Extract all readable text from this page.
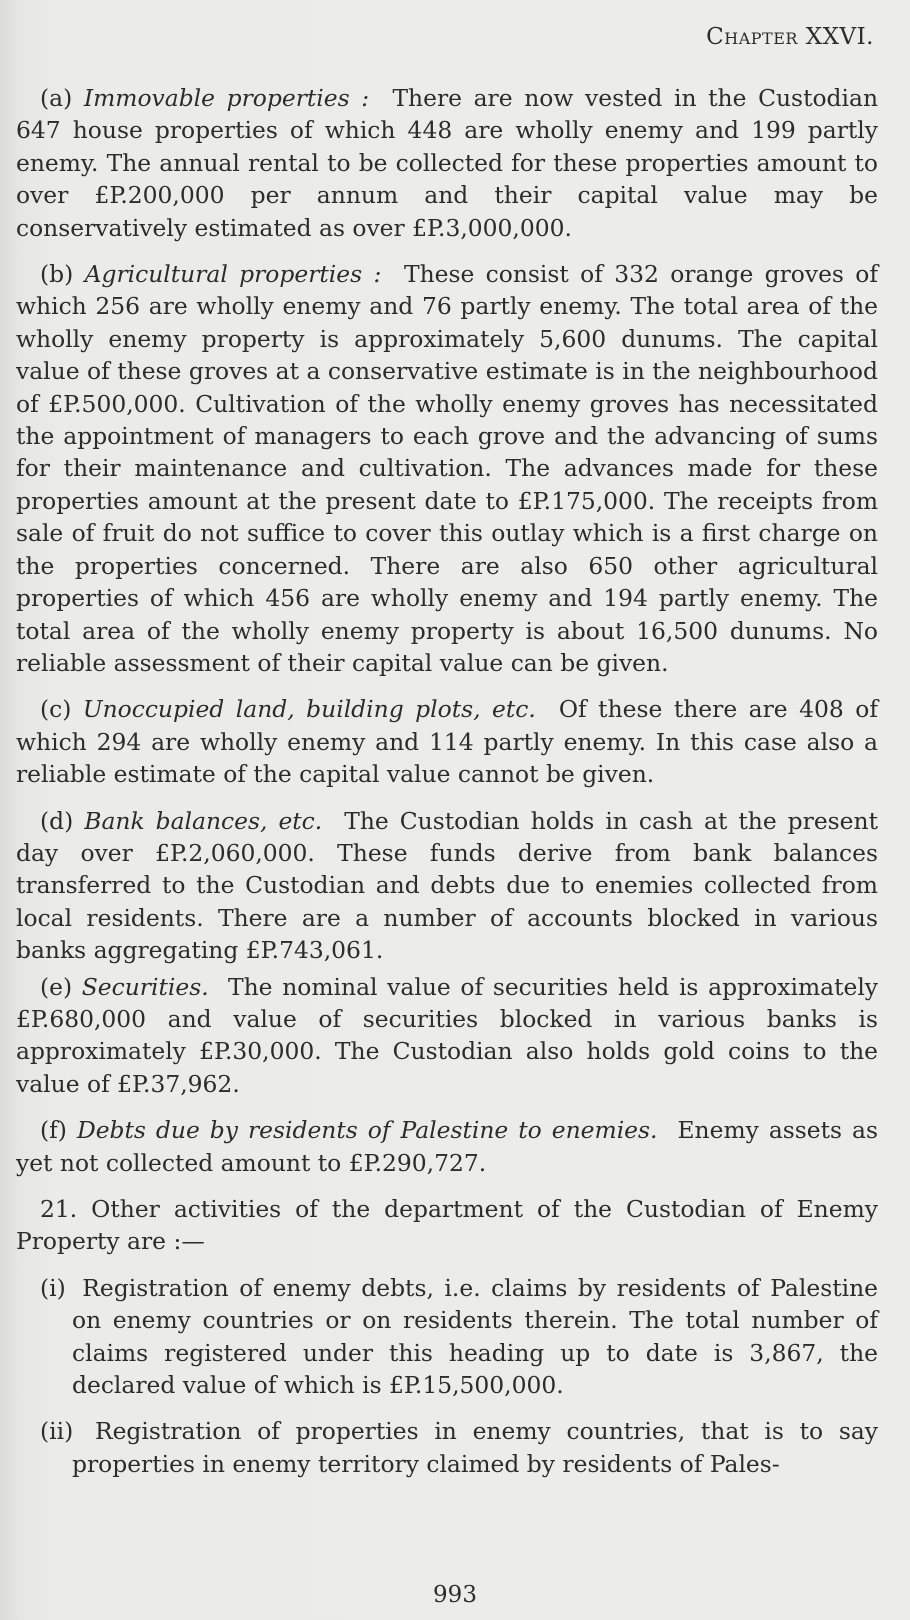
Chapter XXVI.

(a) Immovable properties : There are now vested in the Custodian 647 house properties of which 448 are wholly enemy and 199 partly enemy. The annual rental to be collected for these properties amount to over £P.200,000 per annum and their capital value may be conservatively estimated as over £P.3,000,000.

(b) Agricultural properties : These consist of 332 orange groves of which 256 are wholly enemy and 76 partly enemy. The total area of the wholly enemy property is approximately 5,600 dunums. The capital value of these groves at a conservative estimate is in the neighbourhood of £P.500,000. Cultivation of the wholly enemy groves has necessitated the appointment of managers to each grove and the advancing of sums for their maintenance and cultivation. The advances made for these properties amount at the present date to £P.175,000. The receipts from sale of fruit do not suffice to cover this outlay which is a first charge on the properties concerned. There are also 650 other agricultural properties of which 456 are wholly enemy and 194 partly enemy. The total area of the wholly enemy property is about 16,500 dunums. No reliable assessment of their capital value can be given.

(c) Unoccupied land, building plots, etc. Of these there are 408 of which 294 are wholly enemy and 114 partly enemy. In this case also a reliable estimate of the capital value cannot be given.

(d) Bank balances, etc. The Custodian holds in cash at the present day over £P.2,060,000. These funds derive from bank balances transferred to the Custodian and debts due to enemies collected from local residents. There are a number of accounts blocked in various banks aggregating £P.743,061.

(e) Securities. The nominal value of securities held is approximately £P.680,000 and value of securities blocked in various banks is approximately £P.30,000. The Custodian also holds gold coins to the value of £P.37,962.

(f) Debts due by residents of Palestine to enemies. Enemy assets as yet not collected amount to £P.290,727.

21. Other activities of the department of the Custodian of Enemy Property are :—

(i) Registration of enemy debts, i.e. claims by residents of Palestine on enemy countries or on residents therein. The total number of claims registered under this heading up to date is 3,867, the declared value of which is £P.15,500,000.

(ii) Registration of properties in enemy countries, that is to say properties in enemy territory claimed by residents of Pales-

993
